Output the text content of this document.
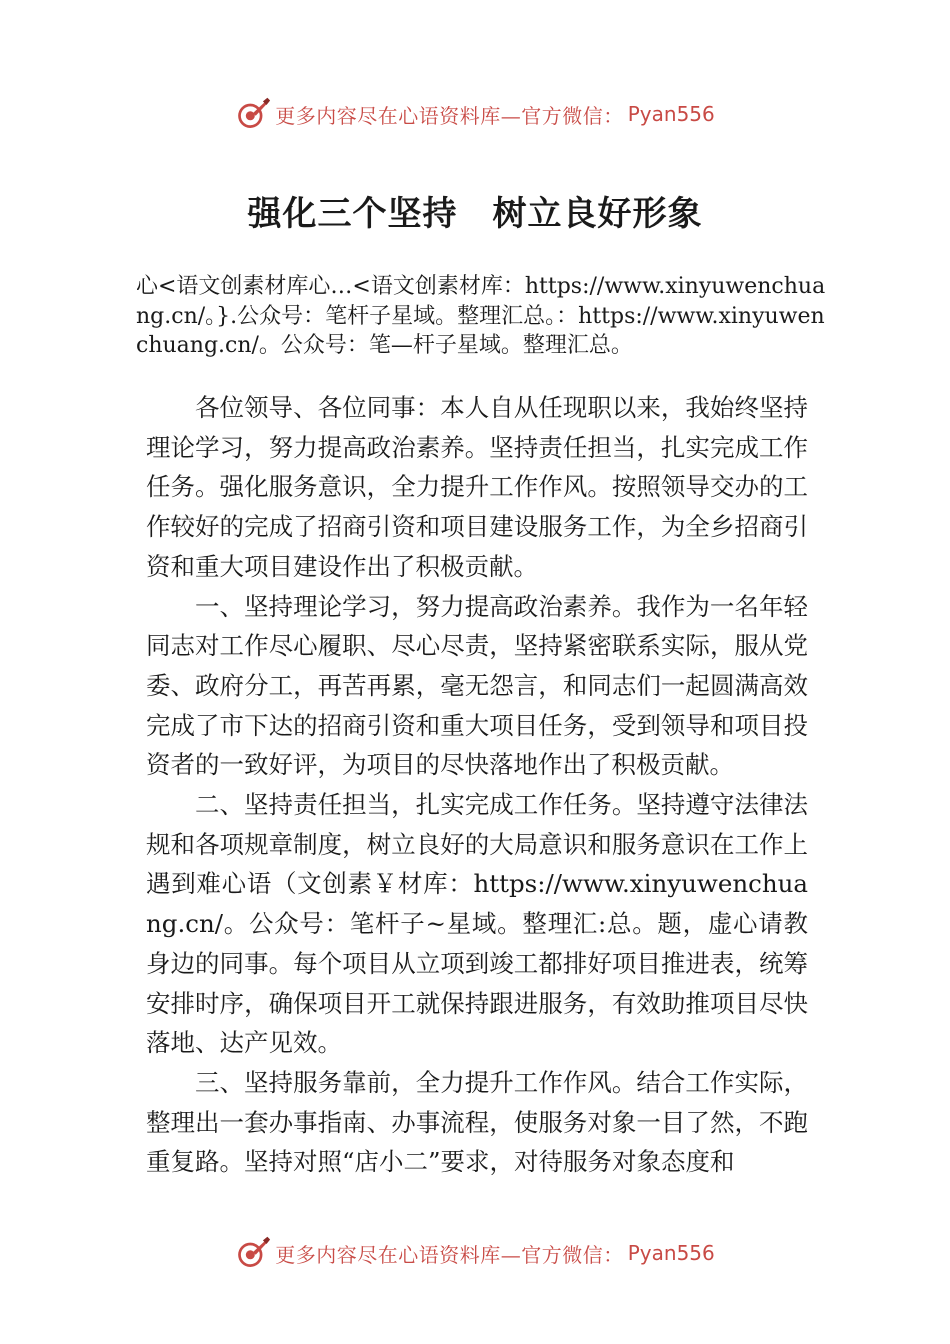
更多内容尽在心语资料库—官方微信： Pyan556
强化三个坚持　树立良好形象

心<语文创素材库心…<语文创素材库：https://www.xinyuwenchuang.cn/。}.公众号：笔杆子星域。整理汇总。：https://www.xinyuwenchuang.cn/。公众号：笔—杆子星域。整理汇总。

各位领导、各位同事：本人自从任现职以来，我始终坚持理论学习，努力提高政治素养。坚持责任担当，扎实完成工作任务。强化服务意识，全力提升工作作风。按照领导交办的工作较好的完成了招商引资和项目建设服务工作，为全乡招商引资和重大项目建设作出了积极贡献。

一、坚持理论学习，努力提高政治素养。我作为一名年轻同志对工作尽心履职、尽心尽责，坚持紧密联系实际，服从党委、政府分工，再苦再累，毫无怨言，和同志们一起圆满高效完成了市下达的招商引资和重大项目任务，受到领导和项目投资者的一致好评，为项目的尽快落地作出了积极贡献。

二、坚持责任担当，扎实完成工作任务。坚持遵守法律法规和各项规章制度，树立良好的大局意识和服务意识在工作上遇到难心语（文创素￥材库：https://www.xinyuwenchuang.cn/。公众号：笔杆子~星域。整理汇:总。题，虚心请教身边的同事。每个项目从立项到竣工都排好项目推进表，统筹安排时序，确保项目开工就保持跟进服务，有效助推项目尽快落地、达产见效。

三、坚持服务靠前，全力提升工作作风。结合工作实际，整理出一套办事指南、办事流程，使服务对象一目了然，不跑重复路。坚持对照“店小二”要求，对待服务对象态度和

更多内容尽在心语资料库—官方微信： Pyan556
